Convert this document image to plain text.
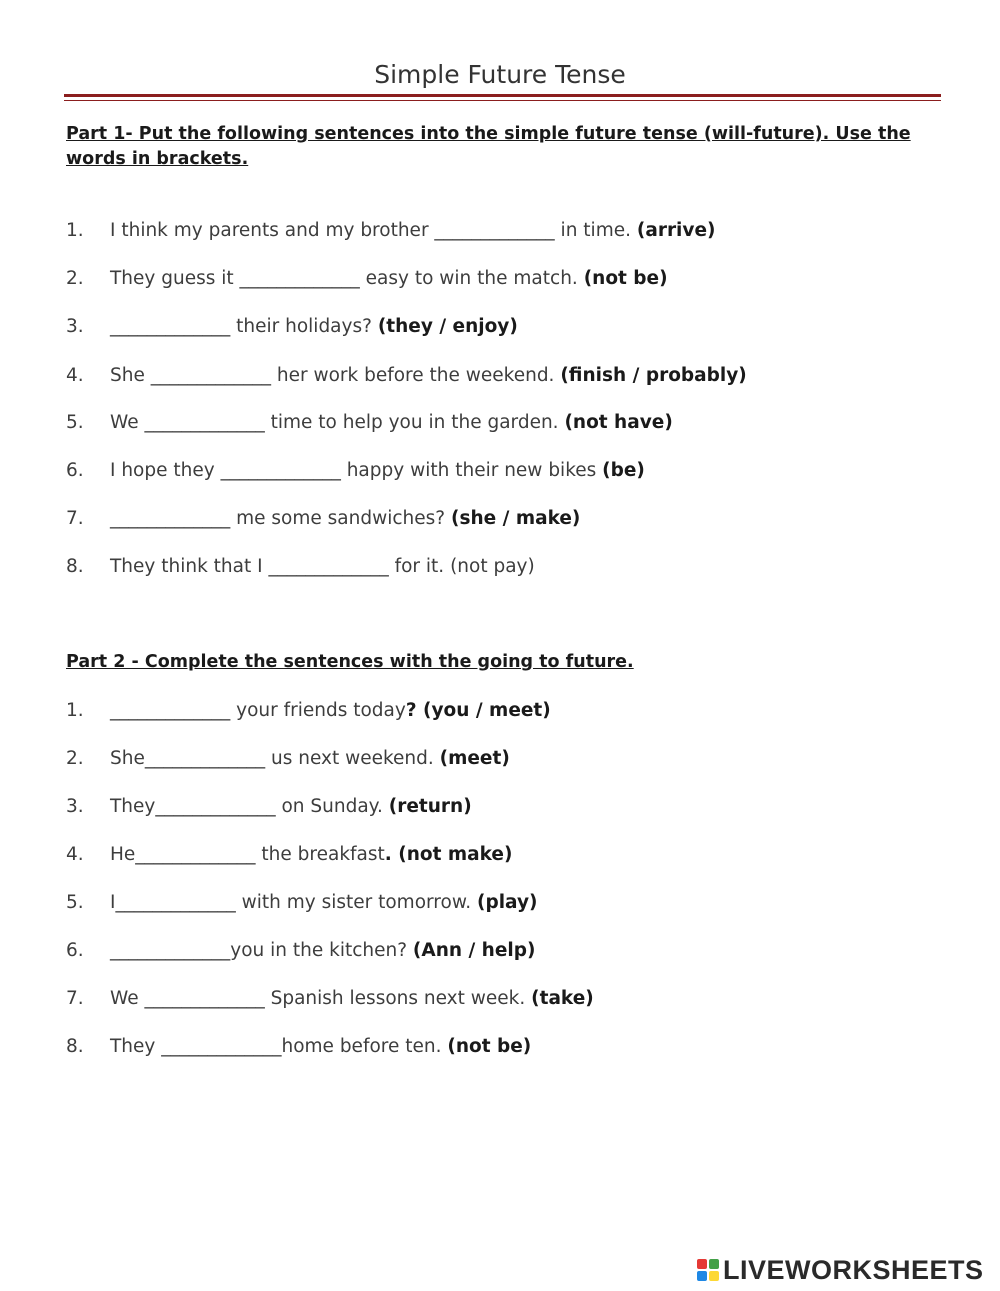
Simple Future Tense
Part 1- Put the following sentences into the simple future tense (will-future). Use the words in brackets.
1. I think my parents and my brother _____________ in time. (arrive)
2. They guess it _____________ easy to win the match. (not be)
3. _____________ their holidays? (they / enjoy)
4. She _____________ her work before the weekend. (finish / probably)
5. We _____________ time to help you in the garden. (not have)
6. I hope they _____________ happy with their new bikes (be)
7. _____________ me some sandwiches? (she / make)
8. They think that I _____________ for it. (not pay)
Part 2 - Complete the sentences with the going to future.
1. _____________ your friends today? (you / meet)
2. She_____________ us next weekend. (meet)
3. They_____________ on Sunday. (return)
4. He_____________ the breakfast. (not make)
5. I_____________ with my sister tomorrow. (play)
6. _____________you in the kitchen? (Ann / help)
7. We _____________ Spanish lessons next week. (take)
8. They _____________home before ten. (not be)
LIVEWORKSHEETS
